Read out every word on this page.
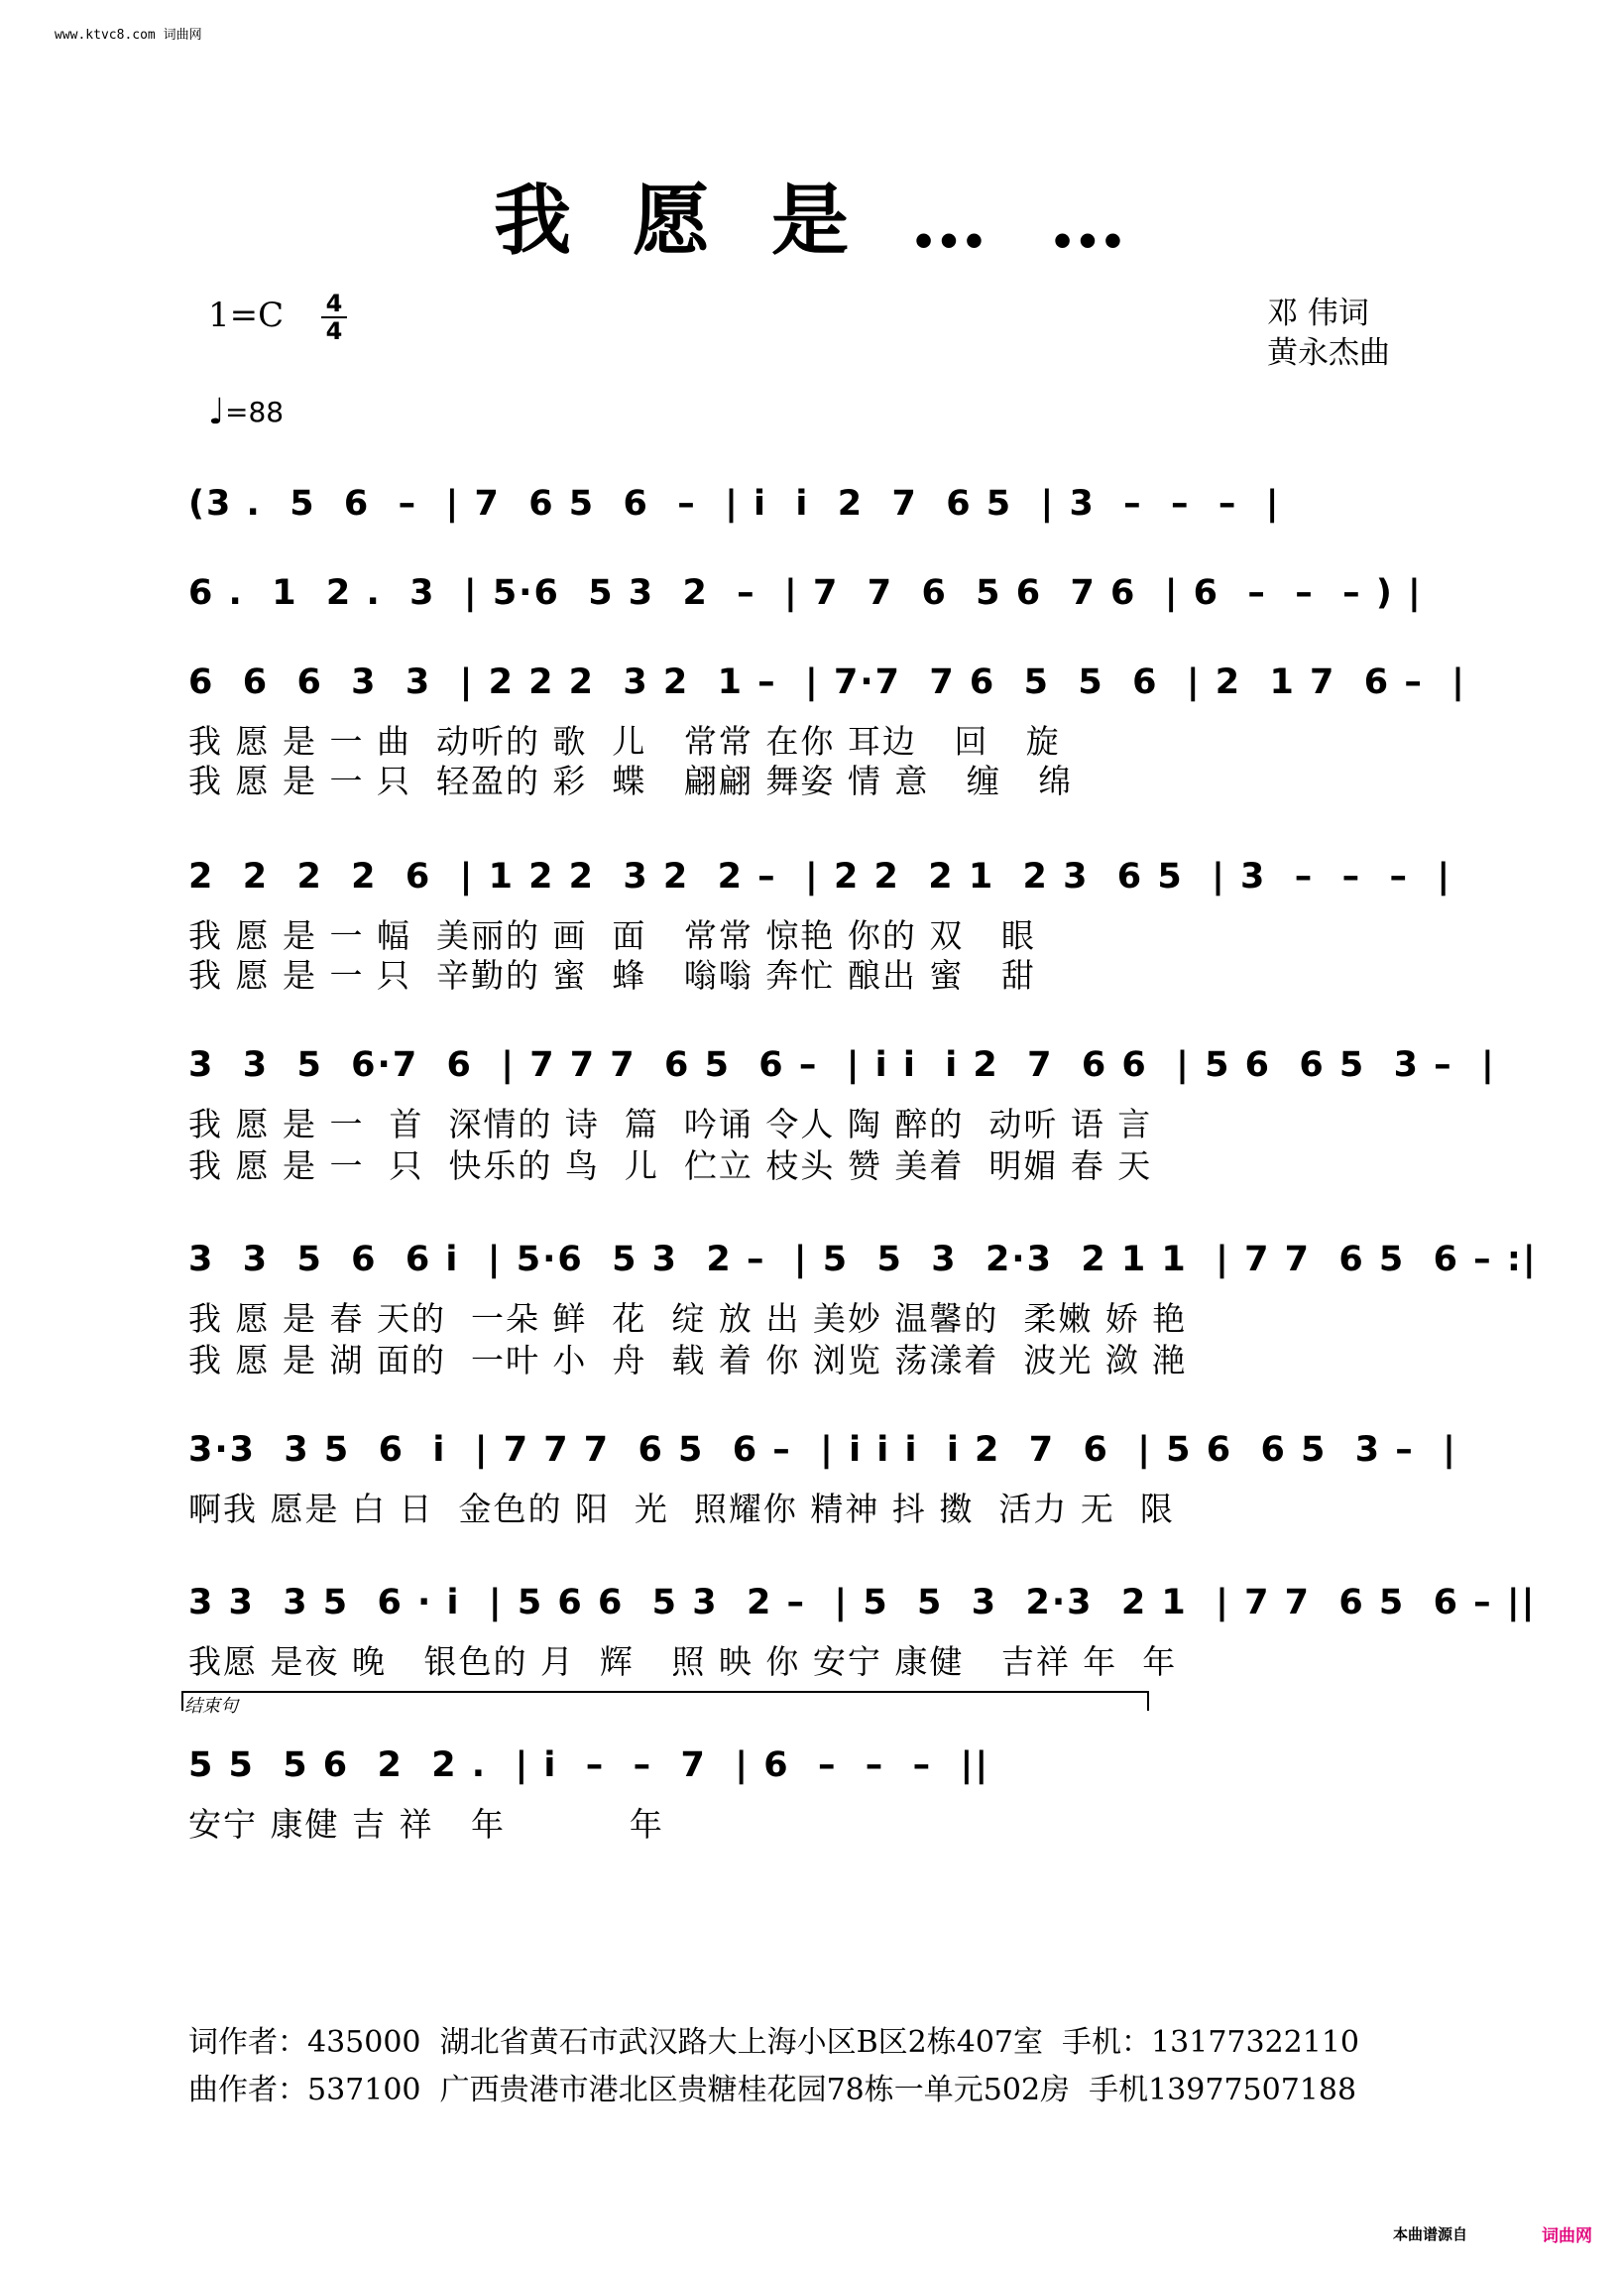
www.ktvc8.com 词曲网
我愿是……
$1=C \frac{4}{4}$
♩=88
邓 伟词
黄永杰曲
(3 .  5  6  –  | 7  6 5  6  –  | i  i  2  7  6 5  | 3  –  –  –  |
6 .  1  2 .  3  | 5·6  5 3  2  –  | 7  7  6  5 6  7 6  | 6  –  –  – ) |
6  6  6  3  3  | 2 2 2  3 2  1 –  | 7·7  7 6  5  5  6  | 2  1 7  6 –  |
我 愿 是 一 曲  动听的 歌  儿   常常 在你 耳边   回   旋
我 愿 是 一 只  轻盈的 彩  蝶   翩翩 舞姿 情 意   缠   绵
2  2  2  2  6  | 1 2 2  3 2  2 –  | 2 2  2 1  2 3  6 5  | 3  –  –  –  |
我 愿 是 一 幅  美丽的 画  面   常常 惊艳 你的 双   眼
我 愿 是 一 只  辛勤的 蜜  蜂   嗡嗡 奔忙 酿出 蜜   甜
3  3  5  6·7  6  | 7 7 7  6 5  6 –  | i i  i 2  7  6 6  | 5 6  6 5  3 –  |
我 愿 是 一  首  深情的 诗  篇  吟诵 令人 陶 醉的  动听 语 言
我 愿 是 一  只  快乐的 鸟  儿  伫立 枝头 赞 美着  明媚 春 天
3  3  5  6  6 i  | 5·6  5 3  2 –  | 5  5  3  2·3  2 1 1  | 7 7  6 5  6 – :|
我 愿 是 春 天的  一朵 鲜  花  绽 放 出 美妙 温馨的  柔嫩 娇 艳
我 愿 是 湖 面的  一叶 小  舟  载 着 你 浏览 荡漾着  波光 潋 滟
3·3  3 5  6  i  | 7 7 7  6 5  6 –  | i i i  i 2  7  6  | 5 6  6 5  3 –  |
啊我 愿是 白 日  金色的 阳  光  照耀你 精神 抖 擞  活力 无  限
3 3  3 5  6 · i  | 5 6 6  5 3  2 –  | 5  5  3  2·3  2 1  | 7 7  6 5  6 – ||
我愿 是夜 晚   银色的 月  辉   照 映 你 安宁 康健   吉祥 年  年
结束句
5 5  5 6  2  2 .  | i  –  –  7  | 6  –  –  –  ||
安宁 康健 吉 祥   年          年
词作者：435000  湖北省黄石市武汉路大上海小区B区2栋407室  手机：13177322110
曲作者：537100  广西贵港市港北区贵糖桂花园78栋一单元502房  手机13977507188
本曲谱源自	词曲网
